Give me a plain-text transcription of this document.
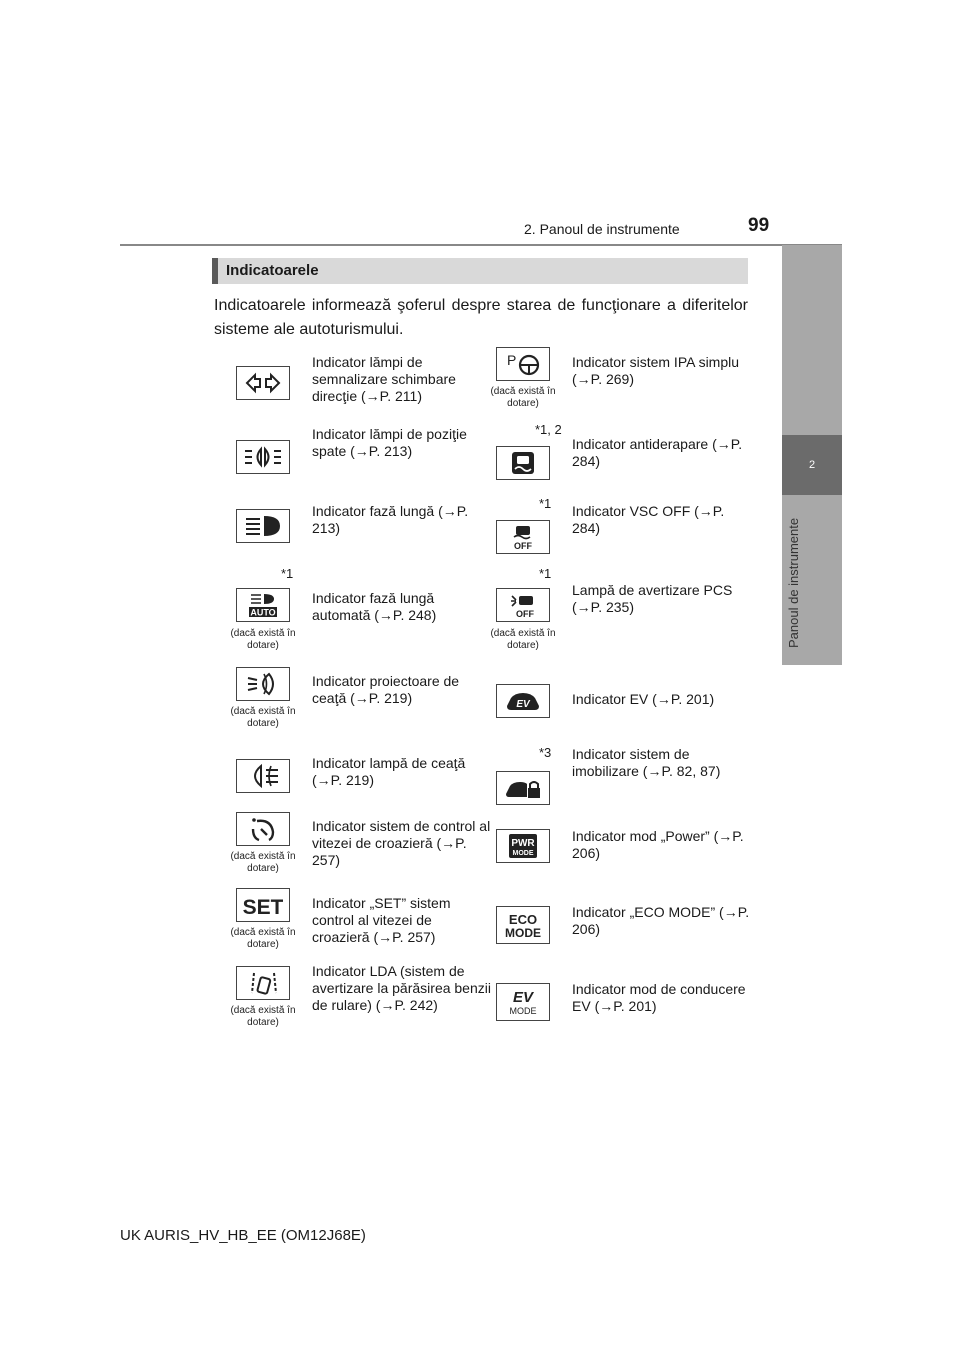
2. Panoul de instrumente	99
2
Panoul de instrumente
Indicatoarele
Indicatoarele informează şoferul despre starea de funcţionare a diferitelor sisteme ale autoturismului.
Indicator lămpi de semnalizare schimbare direcţie (→P. 211)
Indicator lămpi de poziţie spate (→P. 213)
Indicator fază lungă (→P. 213)
*1
AUTO
(dacă există în dotare)
Indicator fază lungă automată (→P. 248)
(dacă există în dotare)
Indicator proiectoare de ceaţă (→P. 219)
Indicator lampă de ceaţă (→P. 219)
(dacă există în dotare)
Indicator sistem de control al vitezei de croazieră (→P. 257)
SET
(dacă există în dotare)
Indicator „SET” sistem control al vitezei de croazieră (→P. 257)
(dacă există în dotare)
Indicator LDA (sistem de avertizare la părăsirea benzii de rulare) (→P. 242)
P
(dacă există în dotare)
Indicator sistem IPA simplu (→P. 269)
*1, 2
Indicator antiderapare (→P. 284)
*1
OFF
Indicator VSC OFF (→P. 284)
*1
OFF
(dacă există în dotare)
Lampă de avertizare PCS (→P. 235)
EV	Indicator EV (→P. 201)
*3 Indicator sistem de imobilizare (→P. 82, 87)
PWR
MODE
Indicator mod „Power” (→P. 206)
ECO
MODE
Indicator „ECO MODE” (→P. 206)
EV
MODE
Indicator mod de conducere EV (→P. 201)
UK AURIS_HV_HB_EE (OM12J68E)
